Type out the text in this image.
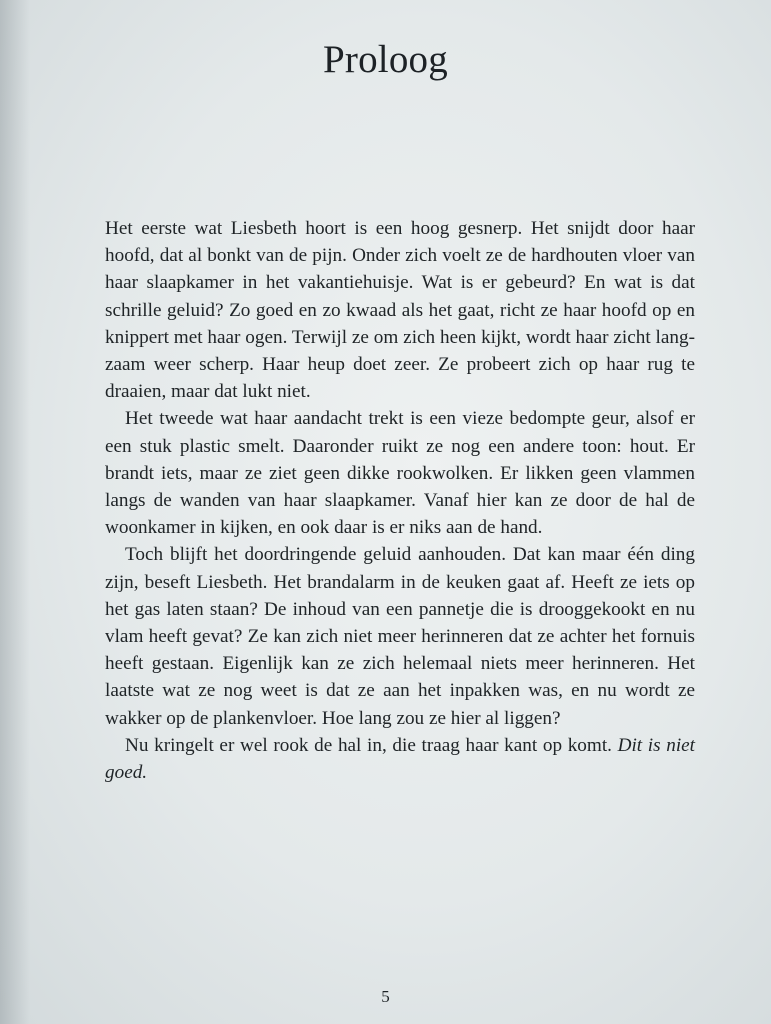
Proloog

Het eerste wat Liesbeth hoort is een hoog gesnerp. Het snijdt door haar hoofd, dat al bonkt van de pijn. Onder zich voelt ze de hardhouten vloer van haar slaapkamer in het vakantiehuisje. Wat is er gebeurd? En wat is dat schrille geluid? Zo goed en zo kwaad als het gaat, richt ze haar hoofd op en knippert met haar ogen. Terwijl ze om zich heen kijkt, wordt haar zicht langzaam weer scherp. Haar heup doet zeer. Ze probeert zich op haar rug te draaien, maar dat lukt niet.

Het tweede wat haar aandacht trekt is een vieze bedompte geur, alsof er een stuk plastic smelt. Daaronder ruikt ze nog een andere toon: hout. Er brandt iets, maar ze ziet geen dikke rookwolken. Er likken geen vlammen langs de wanden van haar slaapkamer. Vanaf hier kan ze door de hal de woonkamer in kijken, en ook daar is er niks aan de hand.

Toch blijft het doordringende geluid aanhouden. Dat kan maar één ding zijn, beseft Liesbeth. Het brandalarm in de keuken gaat af. Heeft ze iets op het gas laten staan? De inhoud van een pannetje die is drooggekookt en nu vlam heeft gevat? Ze kan zich niet meer herinneren dat ze achter het fornuis heeft gestaan. Eigenlijk kan ze zich helemaal niets meer herinneren. Het laatste wat ze nog weet is dat ze aan het inpakken was, en nu wordt ze wakker op de plankenvloer. Hoe lang zou ze hier al liggen?

Nu kringelt er wel rook de hal in, die traag haar kant op komt. Dit is niet goed.

5
